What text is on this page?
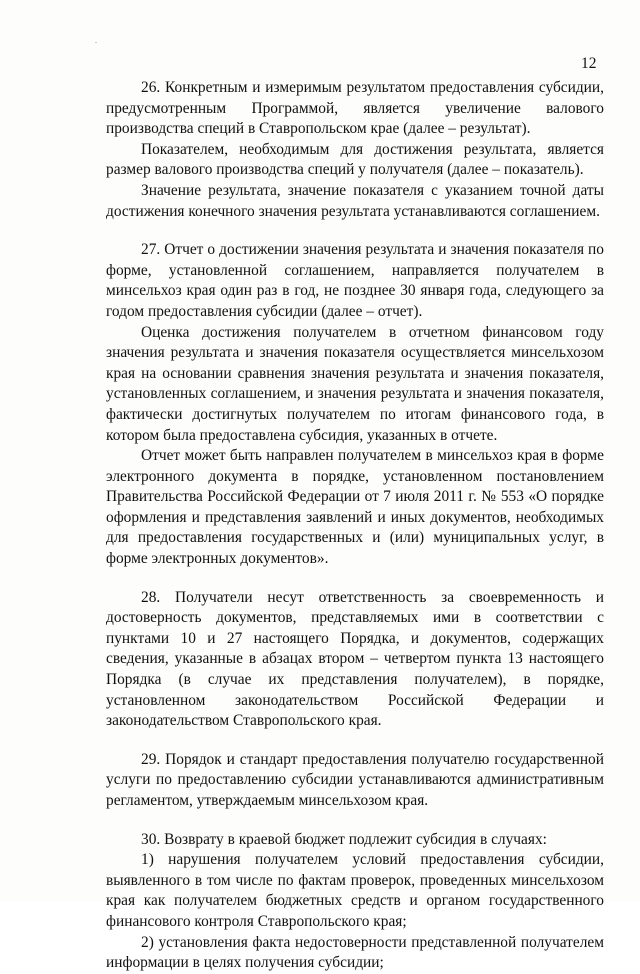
12

26. Конкретным и измеримым результатом предоставления субсидии, предусмотренным Программой, является увеличение валового производства специй в Ставропольском крае (далее – результат).

Показателем, необходимым для достижения результата, является размер валового производства специй у получателя (далее – показатель).

Значение результата, значение показателя с указанием точной даты достижения конечного значения результата устанавливаются соглашением.

27. Отчет о достижении значения результата и значения показателя по форме, установленной соглашением, направляется получателем в минсельхоз края один раз в год, не позднее 30 января года, следующего за годом предоставления субсидии (далее – отчет).

Оценка достижения получателем в отчетном финансовом году значения результата и значения показателя осуществляется минсельхозом края на основании сравнения значения результата и значения показателя, установленных соглашением, и значения результата и значения показателя, фактически достигнутых получателем по итогам финансового года, в котором была предоставлена субсидия, указанных в отчете.

Отчет может быть направлен получателем в минсельхоз края в форме электронного документа в порядке, установленном постановлением Правительства Российской Федерации от 7 июля 2011 г. № 553 «О порядке оформления и представления заявлений и иных документов, необходимых для предоставления государственных и (или) муниципальных услуг, в форме электронных документов».

28. Получатели несут ответственность за своевременность и достоверность документов, представляемых ими в соответствии с пунктами 10 и 27 настоящего Порядка, и документов, содержащих сведения, указанные в абзацах втором – четвертом пункта 13 настоящего Порядка (в случае их представления получателем), в порядке, установленном законодательством Российской Федерации и законодательством Ставропольского края.

29. Порядок и стандарт предоставления получателю государственной услуги по предоставлению субсидии устанавливаются административным регламентом, утверждаемым минсельхозом края.

30. Возврату в краевой бюджет подлежит субсидия в случаях:

1) нарушения получателем условий предоставления субсидии, выявленного в том числе по фактам проверок, проведенных минсельхозом края как получателем бюджетных средств и органом государственного финансового контроля Ставропольского края;

2) установления факта недостоверности представленной получателем информации в целях получения субсидии;
